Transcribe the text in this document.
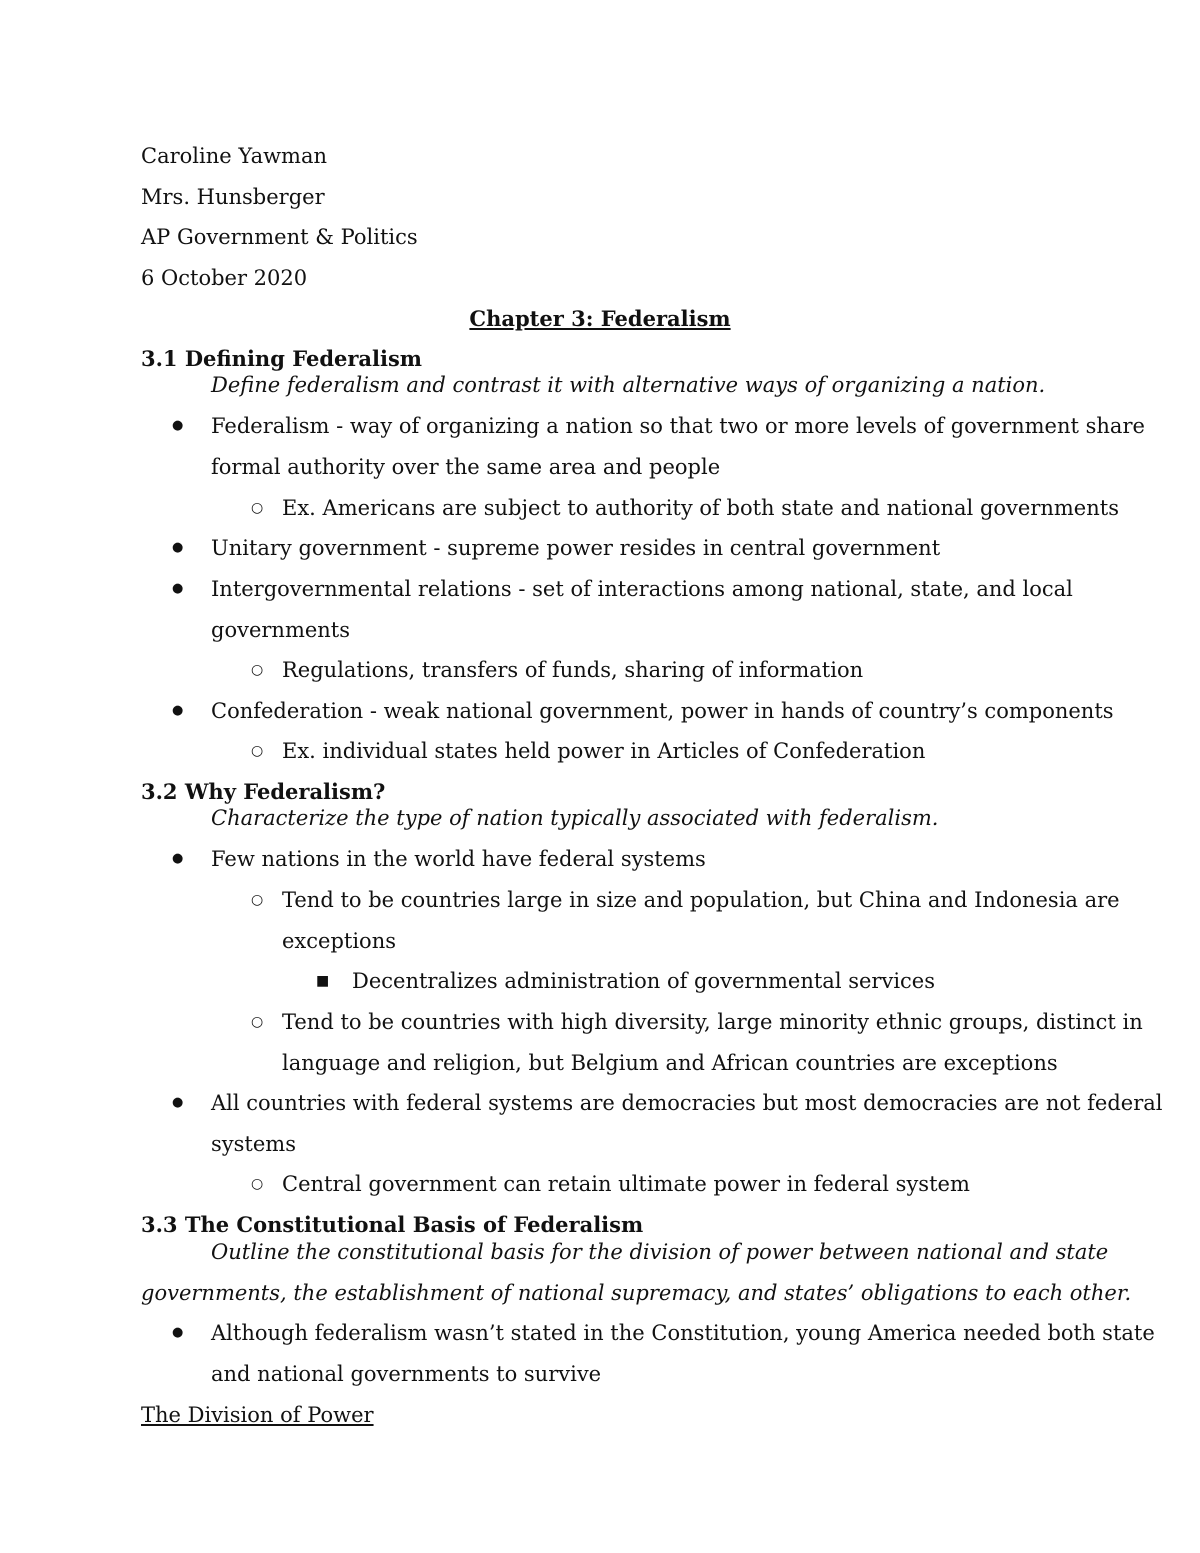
Caroline Yawman
Mrs. Hunsberger
AP Government & Politics
6 October 2020
Chapter 3: Federalism
3.1 Defining Federalism
Define federalism and contrast it with alternative ways of organizing a nation.
● Federalism - way of organizing a nation so that two or more levels of government share
formal authority over the same area and people
○ Ex. Americans are subject to authority of both state and national governments
● Unitary government - supreme power resides in central government
● Intergovernmental relations - set of interactions among national, state, and local
governments
○ Regulations, transfers of funds, sharing of information
● Confederation - weak national government, power in hands of country’s components
○ Ex. individual states held power in Articles of Confederation
3.2 Why Federalism?
Characterize the type of nation typically associated with federalism.
● Few nations in the world have federal systems
○ Tend to be countries large in size and population, but China and Indonesia are
exceptions
■ Decentralizes administration of governmental services
○ Tend to be countries with high diversity, large minority ethnic groups, distinct in
language and religion, but Belgium and African countries are exceptions
● All countries with federal systems are democracies but most democracies are not federal
systems
○ Central government can retain ultimate power in federal system
3.3 The Constitutional Basis of Federalism
Outline the constitutional basis for the division of power between national and state
governments, the establishment of national supremacy, and states’ obligations to each other.
● Although federalism wasn’t stated in the Constitution, young America needed both state
and national governments to survive
The Division of Power
